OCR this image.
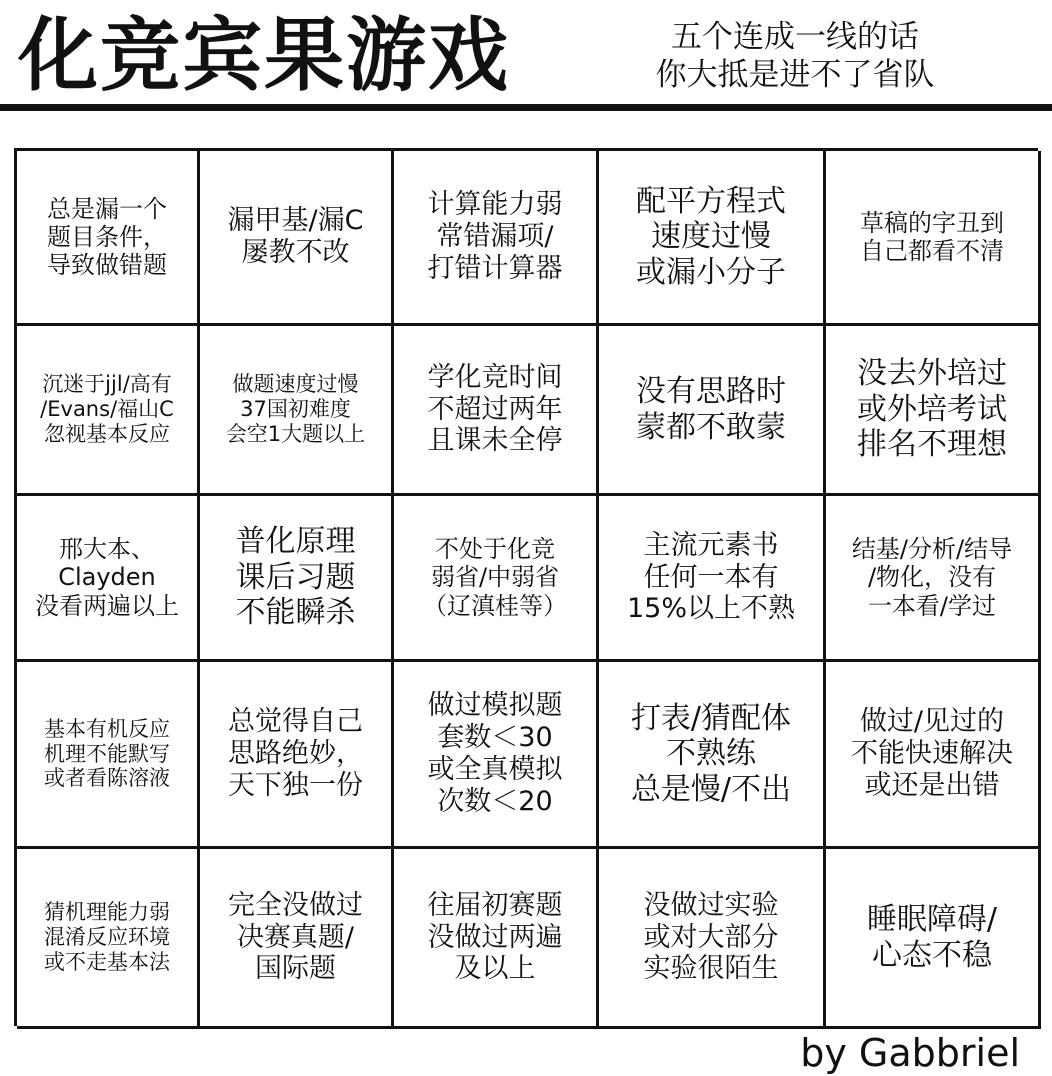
化竞宾果游戏	五个连成一线的话
你大抵是进不了省队
总是漏一个
题目条件，
导致做错题
漏甲基/漏C
屡教不改
计算能力弱
常错漏项/
打错计算器
配平方程式
速度过慢
或漏小分子
草稿的字丑到
自己都看不清
沉迷于jjl/高有
/Evans/福山C
忽视基本反应
做题速度过慢
37国初难度
会空1大题以上
学化竞时间
不超过两年
且课未全停
没有思路时
蒙都不敢蒙
没去外培过
或外培考试
排名不理想
邢大本、
Clayden
没看两遍以上
普化原理
课后习题
不能瞬杀
不处于化竞
弱省/中弱省
（辽滇桂等）
主流元素书
任何一本有
15%以上不熟
结基/分析/结导
/物化，没有
一本看/学过
基本有机反应
机理不能默写
或者看陈溶液
总觉得自己
思路绝妙，
天下独一份
做过模拟题
套数＜30
或全真模拟
次数＜20
打表/猜配体
不熟练
总是慢/不出
做过/见过的
不能快速解决
或还是出错
猜机理能力弱
混淆反应环境
或不走基本法
完全没做过
决赛真题/
国际题
往届初赛题
没做过两遍
及以上
没做过实验
或对大部分
实验很陌生
睡眠障碍/
心态不稳
by Gabbriel
